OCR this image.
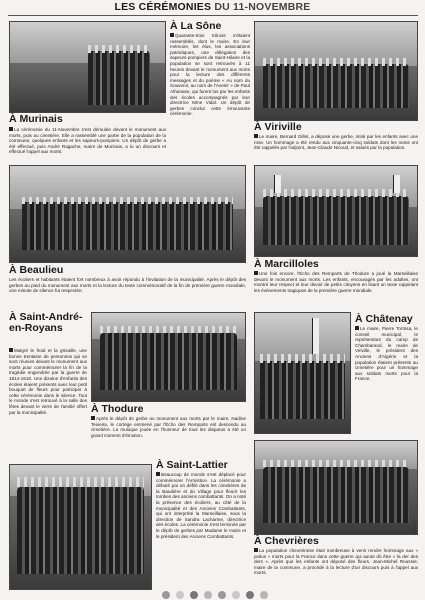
LES CÉRÉMONIES DU 11-NOVEMBRE
À Murinais
La cérémonie du 11-Novembre s'est déroulée devant le monument aux morts, puis au cimetière. Elle a rassemblé une partie de la population de la commune, quelques enfants et les sapeurs-pompiers. Un dépôt de gerbe a été effectué, puis André Ragache, maire de Murinais, a lu un discours et effectué l'appel aux morts.
À La Sône
Quarante-trois Sônois s'étaient rassemblés, dont le maire. En leur mémoire, les élus, les associations patriotiques, une délégation des sapeurs-pompiers de Saint-Hilaire et la population se sont retrouvés à 11 heures devant le monument aux morts pour la lecture des différents messages et du poème « Au nom du Souvenir, au nom de l'Avenir » de Paul Athanase, qui furent lus par les enfants des écoles accompagnés par leur directrice Mme Vidal. Un dépôt de gerbes conclut cette émouvante cérémonie.
À Viriville
Le maire, Bernard Gillet, a déposé une gerbe, imité par les enfants avec une rose. Un hommage a été rendu aux cinquante-cinq soldats dont les noms ont été rappelés par l'adjoint, Jean-Claude Nicoud, et salués par la population.
À Beaulieu
Les écoliers et habitants étaient fort nombreux à avoir répondu à l'invitation de la municipalité. Après le dépôt des gerbes au pied du monument aux morts et la lecture du texte commémoratif de la fin de première guerre mondiale, une minute de silence fut respectée.
À Marcilloles
Une fois encore, l'Écho des Remparts de Thodure a joué la Marseillaise devant le monument aux morts. Les enfants, encouragés par les adultes, ont montré leur respect et leur devoir de petits citoyens en lisant un texte rappelant les événements tragiques de la première guerre mondiale.
À Saint-André-en-Royans
Malgré le froid et la grisaille, une bonne trentaine de personnes qui se sont réunies devant le monument aux morts pour commémorer la fin de la tragédie engendrée par la guerre de 1914-1918. Une dizaine d'enfants des écoles étaient présents avec leur petit bouquet de fleurs pour participer à cette cérémonie dans le silence. Tout le monde s'est retrouvé à la salle des fêtes devant le verre de l'amitié offert par la municipalité.	À Thodure
Après le dépôt de gerbe au monument aux morts par le maire, Nadine Teixeira, le cortège emmené par l'Écho des Remparts est descendu au cimetière. La musique jouée en l'honneur de tous les disparus a été un grand moment d'émotion.
À Châtenay
Le maire, Pierre Tortosa, le conseil municipal, le représentant du camp de Chambarand, le maire de Viriville, le président des Anciens d'Algérie et la population étaient présents au cimetière pour un hommage aux soldats morts pour la France.
À Saint-Lattier
Beaucoup de monde s'est déplacé pour commémorer l'Armistice. La cérémonie a débuté par un défilé dans les cimetières de la Baudière et du Village pour fleurir les tombes des anciens combattants. On a noté la présence des écoliers, au côté de la municipalité et des Anciens Combattants, qui ont interprété la Marseillaise, sous la direction de Sandra Lacharme, directrice des écoles. La cérémonie s'est terminée par le dépôt de gerbes par Madame le maire et le président des Anciens Combattants.	À Chevrières
La population chevriéroise était nombreuse à venir rendre hommage aux « poilus » morts pour la France dans cette guerre qui aurait dû être « la der des ders ». Après que les enfants ont déposé des fleurs, Jean-Michel Rousset, maire de la commune, a procédé à la lecture d'un discours puis à l'appel aux morts.
16 380
